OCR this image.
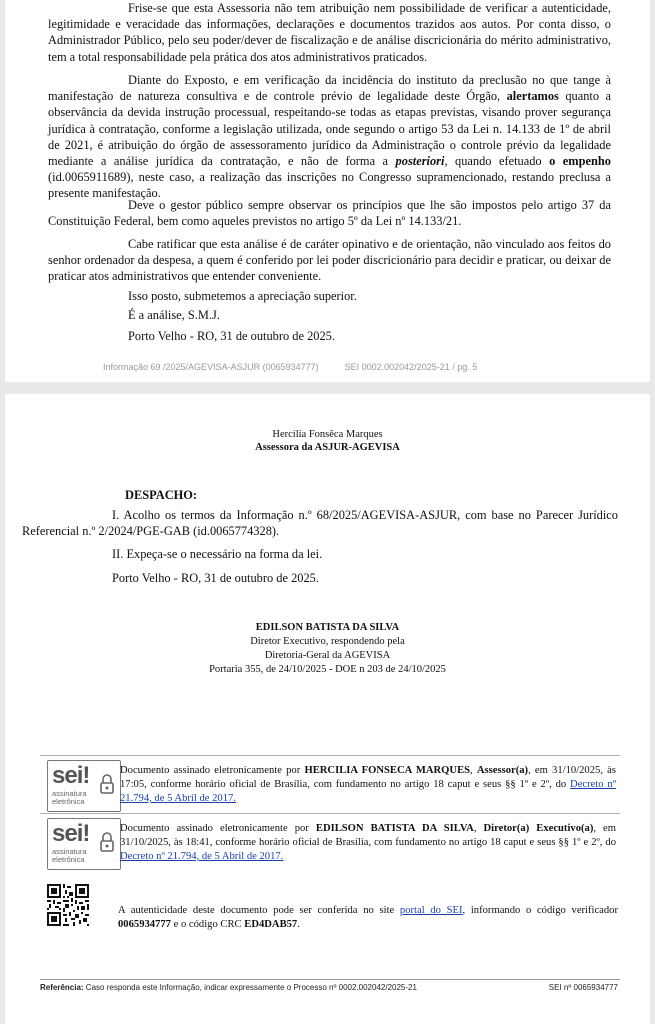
Frise-se que esta Assessoria não tem atribuição nem possibilidade de verificar a autenticidade, legitimidade e veracidade das informações, declarações e documentos trazidos aos autos. Por conta disso, o Administrador Público, pelo seu poder/dever de fiscalização e de análise discricionária do mérito administrativo, tem a total responsabilidade pela prática dos atos administrativos praticados.

Diante do Exposto, e em verificação da incidência do instituto da preclusão no que tange à manifestação de natureza consultiva e de controle prévio de legalidade deste Órgão, alertamos quanto a observância da devida instrução processual, respeitando-se todas as etapas previstas, visando prover segurança jurídica à contratação, conforme a legislação utilizada, onde segundo o artigo 53 da Lei n. 14.133 de 1º de abril de 2021, é atribuição do órgão de assessoramento jurídico da Administração o controle prévio da legalidade mediante a análise jurídica da contratação, e não de forma a posteriori, quando efetuado o empenho (id.0065911689), neste caso, a realização das inscrições no Congresso supramencionado, restando preclusa a presente manifestação.

Deve o gestor público sempre observar os princípios que lhe são impostos pelo artigo 37 da Constituição Federal, bem como aqueles previstos no artigo 5º da Lei nº 14.133/21.

Cabe ratificar que esta análise é de caráter opinativo e de orientação, não vinculado aos feitos do senhor ordenador da despesa, a quem é conferido por lei poder discricionário para decidir e praticar, ou deixar de praticar atos administrativos que entender conveniente.

Isso posto, submetemos a apreciação superior.
É a análise, S.M.J.
Porto Velho - RO, 31 de outubro de 2025.
Informação 69 /2025/AGEVISA-ASJUR (0065934777)	SEI 0002.002042/2025-21 / pg. 5
Hercília Fonsêca Marques
Assessora da ASJUR-AGEVISA
DESPACHO:

I. Acolho os termos da Informação n.º 68/2025/AGEVISA-ASJUR, com base no Parecer Jurídico Referencial n.º 2/2024/PGE-GAB (id.0065774328).

II. Expeça-se o necessário na forma da lei.
Porto Velho - RO, 31 de outubro de 2025.
EDILSON BATISTA DA SILVA
Diretor Executivo, respondendo pela
Diretoria-Geral da AGEVISA
Portaria 355, de 24/10/2025 - DOE n 203 de 24/10/2025
sei!
assinatura
eletrônica
Documento assinado eletronicamente por HERCILIA FONSECA MARQUES, Assessor(a), em 31/10/2025, às 17:05, conforme horário oficial de Brasília, com fundamento no artigo 18 caput e seus §§ 1º e 2º, do Decreto nº 21.794, de 5 Abril de 2017.
sei!
assinatura
eletrônica
Documento assinado eletronicamente por EDILSON BATISTA DA SILVA, Diretor(a) Executivo(a), em 31/10/2025, às 18:41, conforme horário oficial de Brasília, com fundamento no artigo 18 caput e seus §§ 1º e 2º, do Decreto nº 21.794, de 5 Abril de 2017.
A autenticidade deste documento pode ser conferida no site portal do SEI, informando o código verificador 0065934777 e o código CRC ED4DAB57.
Referência: Caso responda este Informação, indicar expressamente o Processo nº 0002.002042/2025-21	SEI nº 0065934777
